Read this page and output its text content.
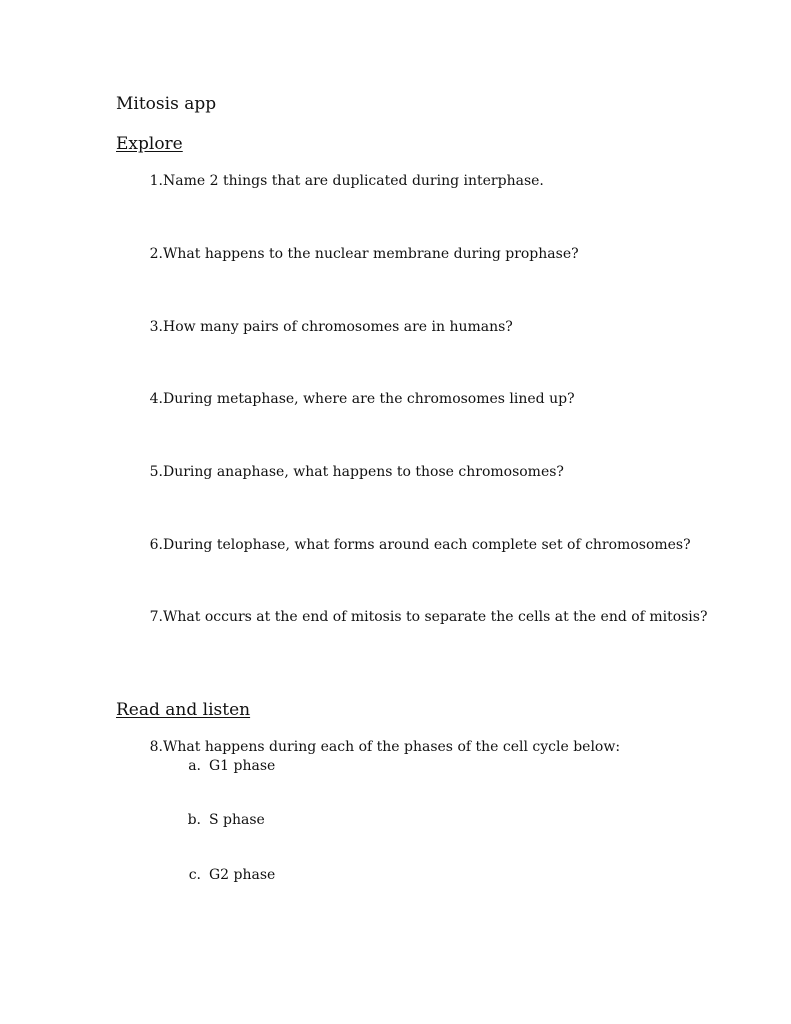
Mitosis app
Explore
1. Name 2 things that are duplicated during interphase.
2. What happens to the nuclear membrane during prophase?
3. How many pairs of chromosomes are in humans?
4. During metaphase, where are the chromosomes lined up?
5. During anaphase, what happens to those chromosomes?
6. During telophase, what forms around each complete set of chromosomes?
7. What occurs at the end of mitosis to separate the cells at the end of mitosis?
Read and listen
8. What happens during each of the phases of the cell cycle below:
a. G1 phase
b. S phase
c. G2 phase
